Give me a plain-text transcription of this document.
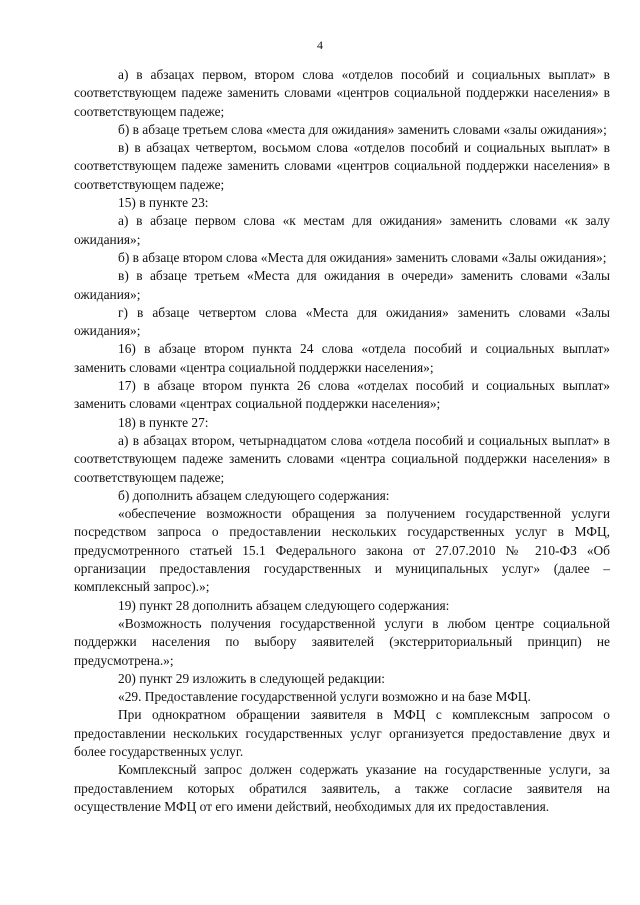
4

а) в абзацах первом, втором слова «отделов пособий и социальных выплат» в соответствующем падеже заменить словами «центров социальной поддержки населения» в соответствующем падеже;

б) в абзаце третьем слова «места для ожидания» заменить словами «залы ожидания»;

в) в абзацах четвертом, восьмом слова «отделов пособий и социальных выплат» в соответствующем падеже заменить словами «центров социальной поддержки населения» в соответствующем падеже;

15) в пункте 23:

а) в абзаце первом слова «к местам для ожидания» заменить словами «к залу ожидания»;

б) в абзаце втором слова «Места для ожидания» заменить словами «Залы ожидания»;

в) в абзаце третьем «Места для ожидания в очереди» заменить словами «Залы ожидания»;

г) в абзаце четвертом слова «Места для ожидания» заменить словами «Залы ожидания»;

16) в абзаце втором пункта 24 слова «отдела пособий и социальных выплат» заменить словами «центра социальной поддержки населения»;

17) в абзаце втором пункта 26 слова «отделах пособий и социальных выплат» заменить словами «центрах социальной поддержки населения»;

18) в пункте 27:

а) в абзацах втором, четырнадцатом слова «отдела пособий и социальных выплат» в соответствующем падеже заменить словами «центра социальной поддержки населения» в соответствующем падеже;

б) дополнить абзацем следующего содержания:

«обеспечение возможности обращения за получением государственной услуги посредством запроса о предоставлении нескольких государственных услуг в МФЦ, предусмотренного статьей 15.1 Федерального закона от 27.07.2010 № 210-ФЗ «Об организации предоставления государственных и муниципальных услуг» (далее – комплексный запрос).»;

19) пункт 28 дополнить абзацем следующего содержания:

«Возможность получения государственной услуги в любом центре социальной поддержки населения по выбору заявителей (экстерриториальный принцип) не предусмотрена.»;

20) пункт 29 изложить в следующей редакции:

«29. Предоставление государственной услуги возможно и на базе МФЦ.

При однократном обращении заявителя в МФЦ с комплексным запросом о предоставлении нескольких государственных услуг организуется предоставление двух и более государственных услуг.

Комплексный запрос должен содержать указание на государственные услуги, за предоставлением которых обратился заявитель, а также согласие заявителя на осуществление МФЦ от его имени действий, необходимых для их предоставления.
